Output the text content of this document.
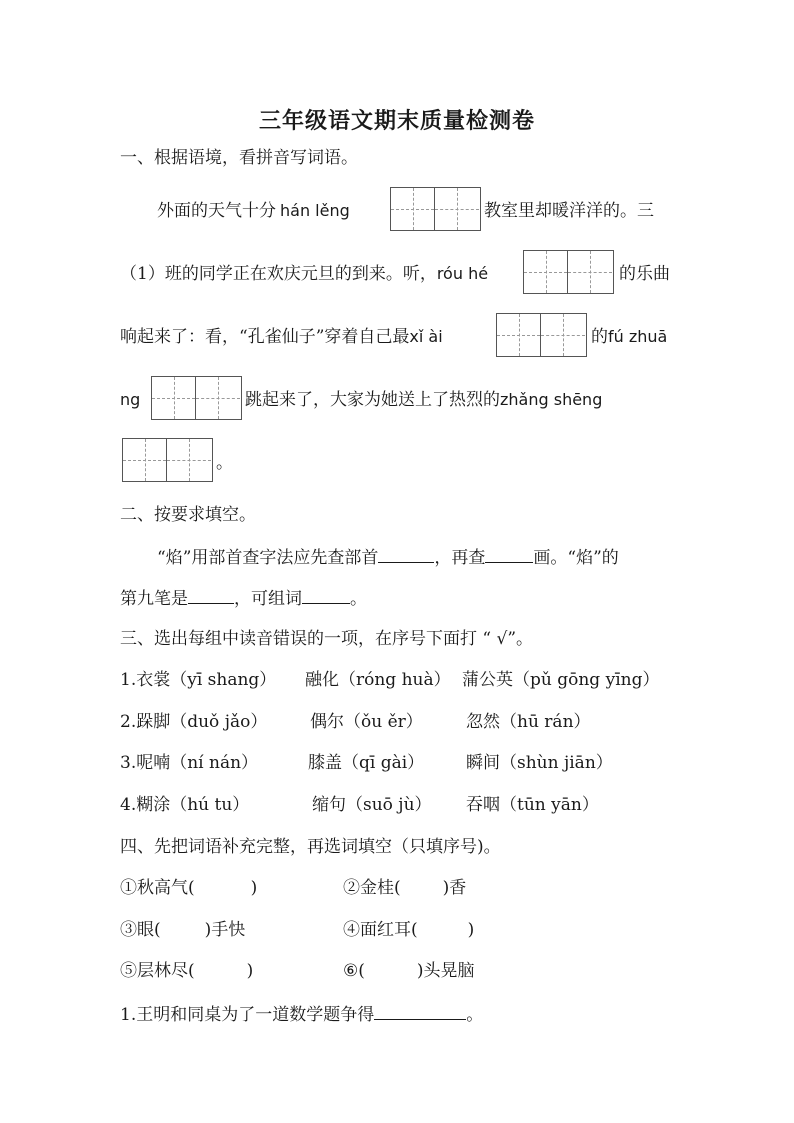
三年级语文期末质量检测卷
一、根据语境，看拼音写词语。
外面的天气十分 hán lěng	教室里却暖洋洋的。三
（1）班的同学正在欢庆元旦的到来。听，róu hé	的乐曲
响起来了：看，“孔雀仙子”穿着自己最xǐ ài	的fú zhuā
ng	跳起来了，大家为她送上了热烈的zhǎng shēng
。
二、按要求填空。
“焰”用部首查字法应先查部首	，再查	画。“焰”的
第九笔是	，可组词	。
三、选出每组中读音错误的一项，在序号下面打 “ √”。
1.衣裳（yī shang） 融化（róng huà） 蒲公英（pǔ gōng yīng）
2.跺脚（duǒ jǎo）	偶尔（ǒu ěr）	忽然（hū rán）
3.呢喃（ní nán）	膝盖（qī gài） 瞬间（shùn jiān）
4.糊涂（hú tu）	缩句（suō jù） 吞咽（tūn yān）
四、先把词语补充完整，再选词填空（只填序号)。
①秋高气(	)	②金桂( )香
③眼(	)手快	④面红耳(	)
⑤层林尽(	)	⑥(	)头晃脑
1.王明和同桌为了一道数学题争得	。
